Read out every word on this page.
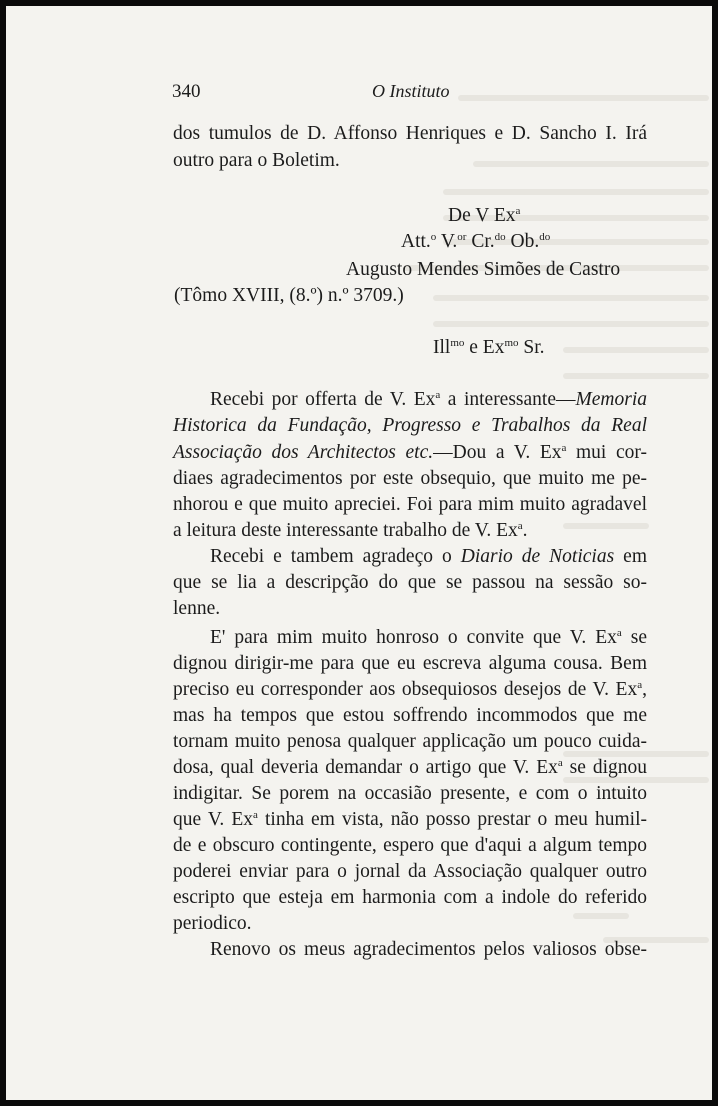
340	O Instituto
dos tumulos de D. Affonso Henriques e D. Sancho I. Irá
outro para o Boletim.
De V Ex$^a$
Att.$^o$ V.$^{or}$ Cr.$^{do}$ Ob.$^{do}$
Augusto Mendes Simões de Castro
(Tômo XVIII, (8.º) n.º 3709.)
Ill$^{mo}$ e $Ex^{mo}$ Sr.
Recebi por offerta de V. Ex$^a$ a interessante—Memoria
Historica da Fundação, Progresso e Trabalhos da Real
Associação dos Architectos etc.—Dou a V. Ex$^a$ mui cor-
diaes agradecimentos por este obsequio, que muito me pe-
nhorou e que muito apreciei. Foi para mim muito agradavel
a leitura deste interessante trabalho de V. Ex$^a$.
Recebi e tambem agradeço o Diario de Noticias em
que se lia a descripção do que se passou na sessão so-
lenne.
E' para mim muito honroso o convite que V. Ex$^a$ se
dignou dirigir-me para que eu escreva alguma cousa. Bem
preciso eu corresponder aos obsequiosos desejos de V. Ex$^a$,
mas ha tempos que estou soffrendo incommodos que me
tornam muito penosa qualquer applicação um pouco cuida-
dosa, qual deveria demandar o artigo que V. Ex$^a$ se dignou
indigitar. Se porem na occasião presente, e com o intuito
que V. Ex$^a$ tinha em vista, não posso prestar o meu humil-
de e obscuro contingente, espero que d'aqui a algum tempo
poderei enviar para o jornal da Associação qualquer outro
escripto que esteja em harmonia com a indole do referido
periodico.
Renovo os meus agradecimentos pelos valiosos obse-
